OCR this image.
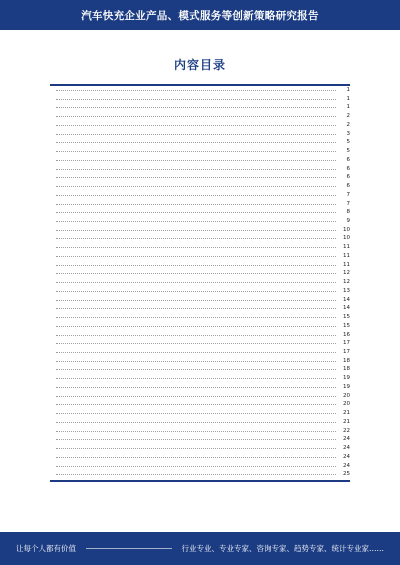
汽车快充企业产品、模式服务等创新策略研究报告
内容目录
1
1
1
2
2
3
5
5
6
6
6
6
7
7
8
9
10
10
11
11
11
12
12
13
14
14
15
15
16
17
17
18
18
19
19
20
20
21
21
22
24
24
24
24
25
让每个人都有价值	行业专业、专业专家、咨询专家、趋势专家、统计专业家……
